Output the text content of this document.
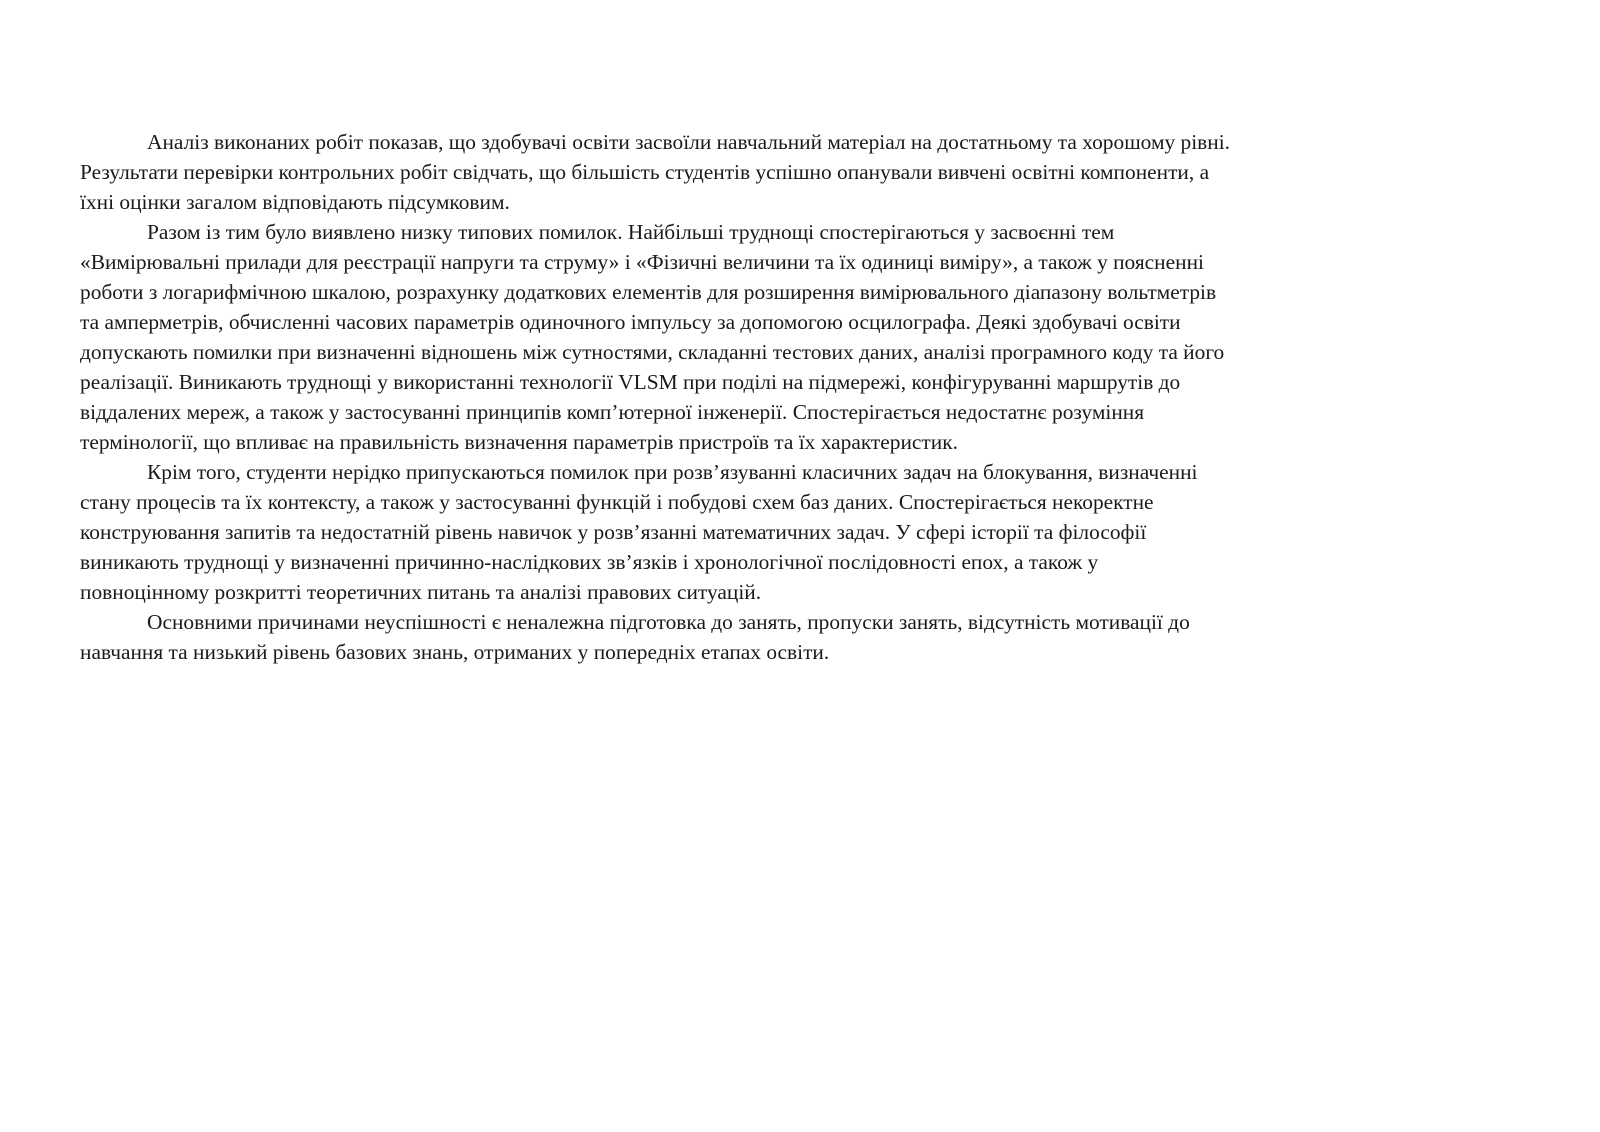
Аналіз виконаних робіт показав, що здобувачі освіти засвоїли навчальний матеріал на достатньому та хорошому рівні.
Результати перевірки контрольних робіт свідчать, що більшість студентів успішно опанували вивчені освітні компоненти, а
їхні оцінки загалом відповідають підсумковим.
Разом із тим було виявлено низку типових помилок. Найбільші труднощі спостерігаються у засвоєнні тем
«Вимірювальні прилади для реєстрації напруги та струму» і «Фізичні величини та їх одиниці виміру», а також у поясненні
роботи з логарифмічною шкалою, розрахунку додаткових елементів для розширення вимірювального діапазону вольтметрів
та амперметрів, обчисленні часових параметрів одиночного імпульсу за допомогою осцилографа. Деякі здобувачі освіти
допускають помилки при визначенні відношень між сутностями, складанні тестових даних, аналізі програмного коду та його
реалізації. Виникають труднощі у використанні технології VLSM при поділі на підмережі, конфігуруванні маршрутів до
віддалених мереж, а також у застосуванні принципів комп’ютерної інженерії. Спостерігається недостатнє розуміння
термінології, що впливає на правильність визначення параметрів пристроїв та їх характеристик.
Крім того, студенти нерідко припускаються помилок при розв’язуванні класичних задач на блокування, визначенні
стану процесів та їх контексту, а також у застосуванні функцій і побудові схем баз даних. Спостерігається некоректне
конструювання запитів та недостатній рівень навичок у розв’язанні математичних задач. У сфері історії та філософії
виникають труднощі у визначенні причинно-наслідкових зв’язків і хронологічної послідовності епох, а також у
повноцінному розкритті теоретичних питань та аналізі правових ситуацій.
Основними причинами неуспішності є неналежна підготовка до занять, пропуски занять, відсутність мотивації до
навчання та низький рівень базових знань, отриманих у попередніх етапах освіти.
